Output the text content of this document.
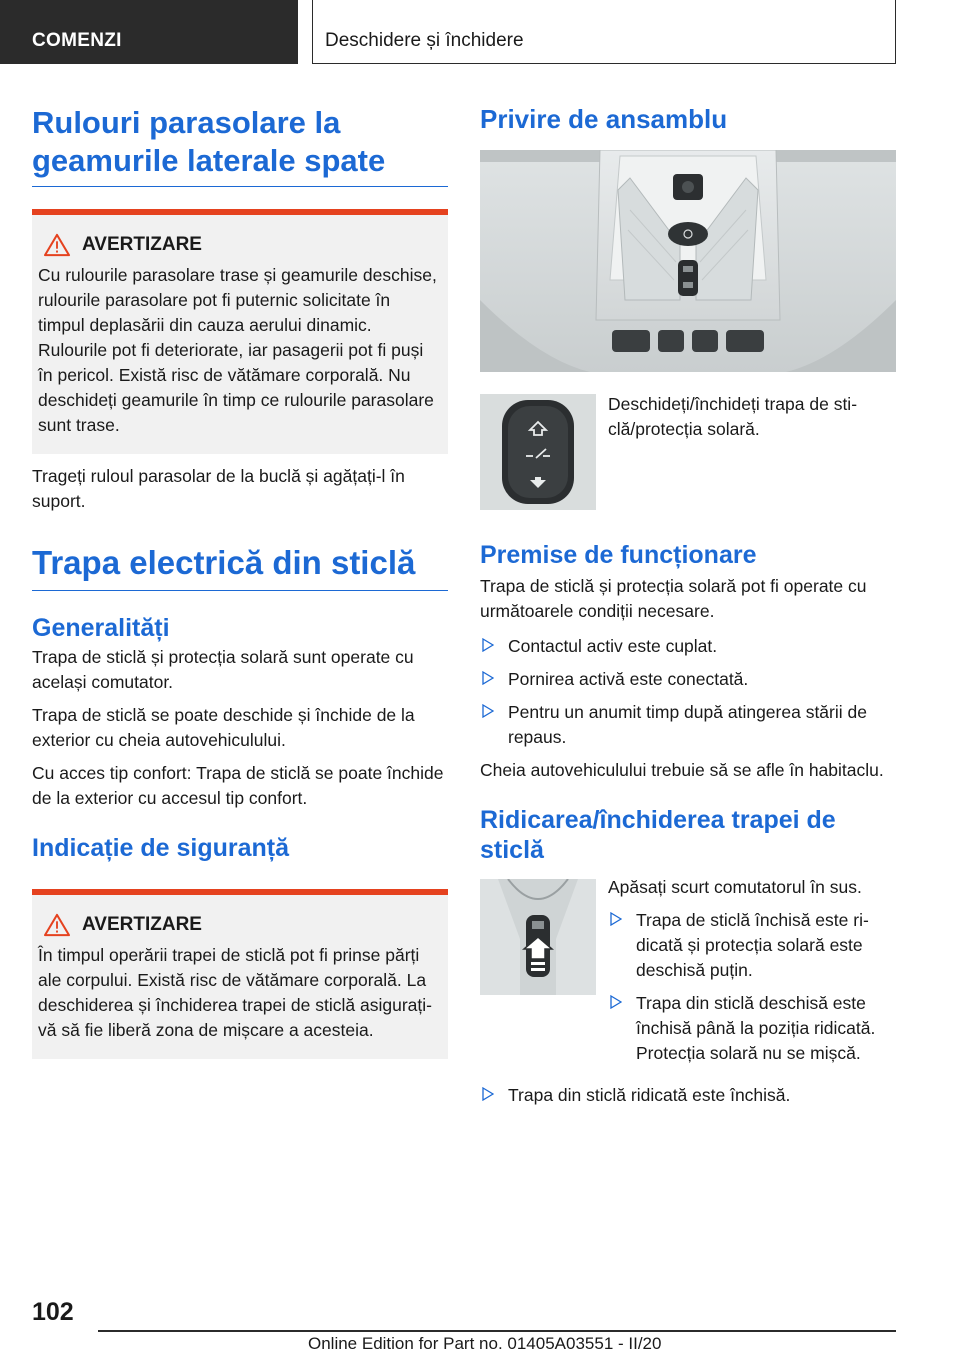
COMENZI	Deschidere și închidere
Rulouri parasolare la geamurile laterale spate
AVERTIZARE

Cu rulourile parasolare trase și geamurile deschise, rulourile parasolare pot fi puternic solicitate în timpul deplasării din cauza aerului dinamic. Rulourile pot fi deteriorate, iar pasagerii pot fi puși în pericol. Există risc de vătămare corporală. Nu deschideți geamurile în timp ce rulourile parasolare sunt trase.

Trageți ruloul parasolar de la buclă și agățați-l în suport.

Trapa electrică din sticlă
Generalități

Trapa de sticlă și protecția solară sunt operate cu același comutator.

Trapa de sticlă se poate deschide și închide de la exterior cu cheia autovehiculului.

Cu acces tip confort: Trapa de sticlă se poate închide de la exterior cu accesul tip confort.

Indicație de siguranță
AVERTIZARE

În timpul operării trapei de sticlă pot fi prinse părți ale corpului. Există risc de vătămare corporală. La deschiderea și închiderea trapei de sticlă asigurați-vă să fie liberă zona de mișcare a acesteia.

Privire de ansamblu

Deschideți/închideți trapa de sticlă/protecția solară.

Premise de funcționare

Trapa de sticlă și protecția solară pot fi operate cu următoarele condiții necesare.

Contactul activ este cuplat.
Pornirea activă este conectată.
Pentru un anumit timp după atingerea stării de repaus.

Cheia autovehiculului trebuie să se afle în habitaclu.

Ridicarea/închiderea trapei de sticlă

Apăsați scurt comutatorul în sus.

Trapa de sticlă închisă este ridicată și protecția solară este deschisă puțin.
Trapa din sticlă deschisă este închisă până la poziția ridicată. Protecția solară nu se mișcă.
Trapa din sticlă ridicată este închisă.
102
Online Edition for Part no. 01405A03551 - II/20
